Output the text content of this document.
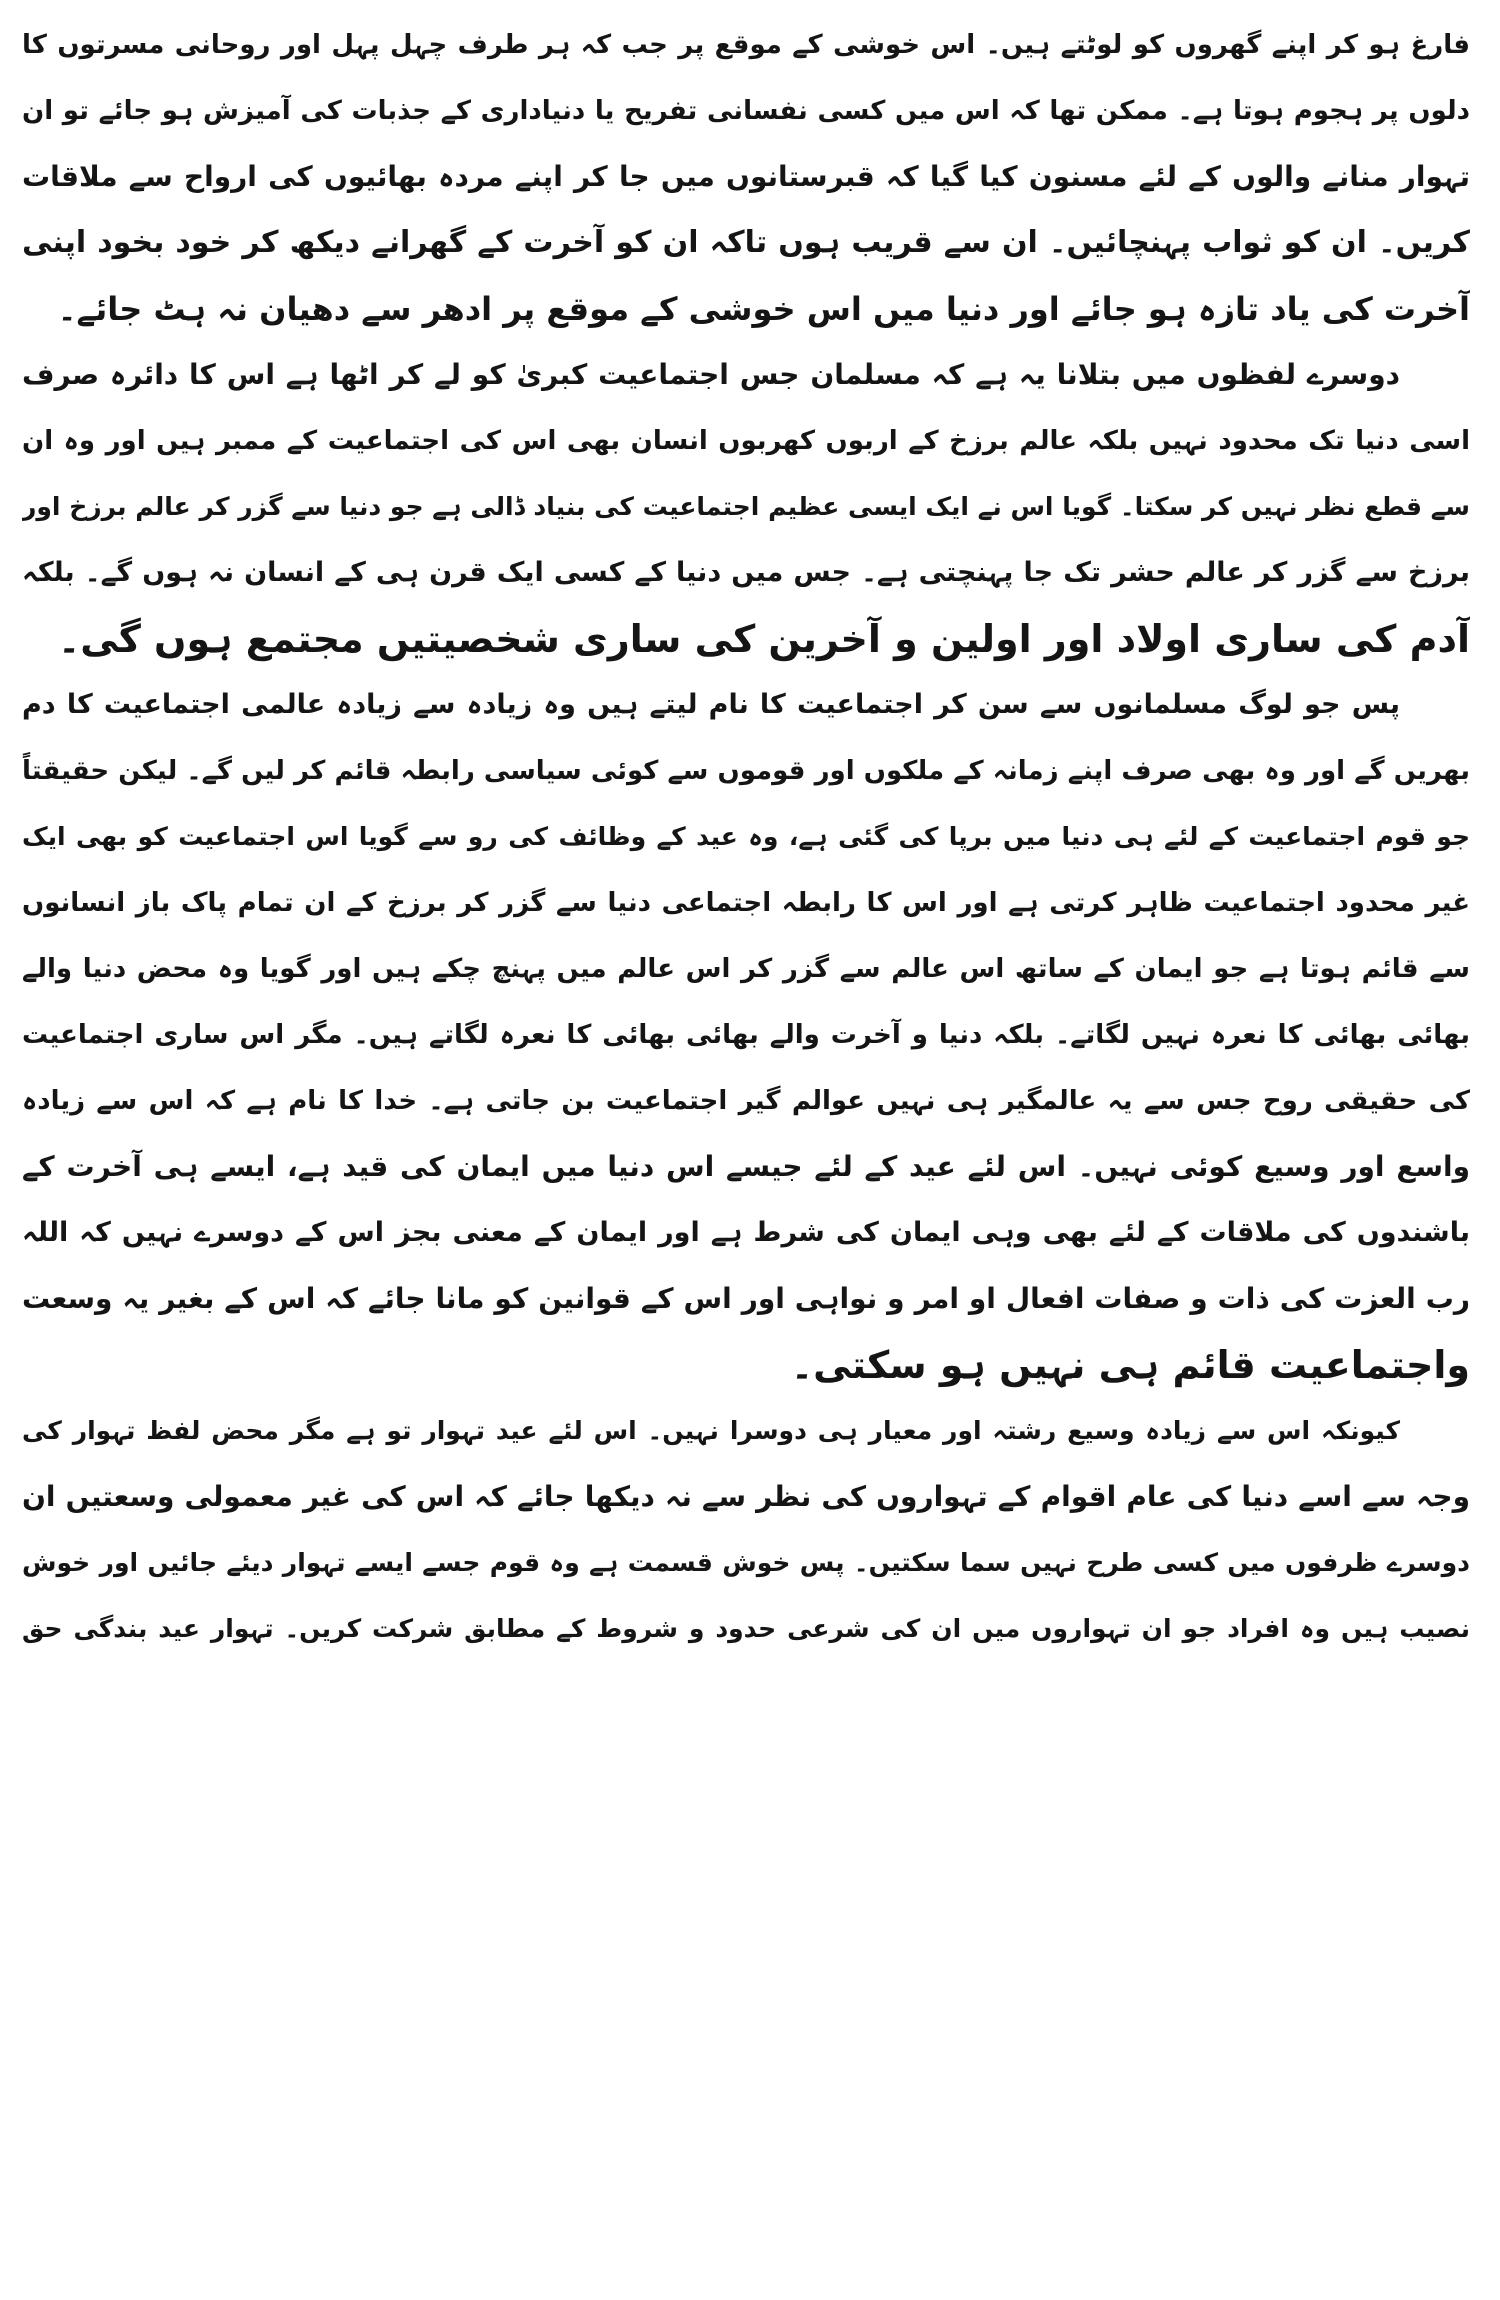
فارغ ہو کر اپنے گھروں کو لوٹتے ہیں۔ اس خوشی کے موقع پر جب کہ ہر طرف چہل پہل اور روحانی مسرتوں کا
دلوں پر ہجوم ہوتا ہے۔ ممکن تھا کہ اس میں کسی نفسانی تفریح یا دنیاداری کے جذبات کی آمیزش ہو جائے تو ان
تہوار منانے والوں کے لئے مسنون کیا گیا کہ قبرستانوں میں جا کر اپنے مردہ بھائیوں کی ارواح سے ملاقات
کریں۔ ان کو ثواب پہنچائیں۔ ان سے قریب ہوں تاکہ ان کو آخرت کے گھرانے دیکھ کر خود بخود اپنی
آخرت کی یاد تازہ ہو جائے اور دنیا میں اس خوشی کے موقع پر ادھر سے دھیان نہ ہٹ جائے۔
دوسرے لفظوں میں بتلانا یہ ہے کہ مسلمان جس اجتماعیت کبریٰ کو لے کر اٹھا ہے اس کا دائرہ صرف
اسی دنیا تک محدود نہیں بلکہ عالم برزخ کے اربوں کھربوں انسان بھی اس کی اجتماعیت کے ممبر ہیں اور وہ ان
سے قطع نظر نہیں کر سکتا۔ گویا اس نے ایک ایسی عظیم اجتماعیت کی بنیاد ڈالی ہے جو دنیا سے گزر کر عالم برزخ اور
برزخ سے گزر کر عالم حشر تک جا پہنچتی ہے۔ جس میں دنیا کے کسی ایک قرن ہی کے انسان نہ ہوں گے۔ بلکہ
آدم کی ساری اولاد اور اولین و آخرین کی ساری شخصیتیں مجتمع ہوں گی۔
پس جو لوگ مسلمانوں سے سن کر اجتماعیت کا نام لیتے ہیں وہ زیادہ سے زیادہ عالمی اجتماعیت کا دم
بھریں گے اور وہ بھی صرف اپنے زمانہ کے ملکوں اور قوموں سے کوئی سیاسی رابطہ قائم کر لیں گے۔ لیکن حقیقتاً
جو قوم اجتماعیت کے لئے ہی دنیا میں برپا کی گئی ہے، وہ عید کے وظائف کی رو سے گویا اس اجتماعیت کو بھی ایک
غیر محدود اجتماعیت ظاہر کرتی ہے اور اس کا رابطہ اجتماعی دنیا سے گزر کر برزخ کے ان تمام پاک باز انسانوں
سے قائم ہوتا ہے جو ایمان کے ساتھ اس عالم سے گزر کر اس عالم میں پہنچ چکے ہیں اور گویا وہ محض دنیا والے
بھائی بھائی کا نعرہ نہیں لگاتے۔ بلکہ دنیا و آخرت والے بھائی بھائی کا نعرہ لگاتے ہیں۔ مگر اس ساری اجتماعیت
کی حقیقی روح جس سے یہ عالمگیر ہی نہیں عوالم گیر اجتماعیت بن جاتی ہے۔ خدا کا نام ہے کہ اس سے زیادہ
واسع اور وسیع کوئی نہیں۔ اس لئے عید کے لئے جیسے اس دنیا میں ایمان کی قید ہے، ایسے ہی آخرت کے
باشندوں کی ملاقات کے لئے بھی وہی ایمان کی شرط ہے اور ایمان کے معنی بجز اس کے دوسرے نہیں کہ اللہ
رب العزت کی ذات و صفات افعال او امر و نواہی اور اس کے قوانین کو مانا جائے کہ اس کے بغیر یہ وسعت
واجتماعیت قائم ہی نہیں ہو سکتی۔
کیونکہ اس سے زیادہ وسیع رشتہ اور معیار ہی دوسرا نہیں۔ اس لئے عید تہوار تو ہے مگر محض لفظ تہوار کی
وجہ سے اسے دنیا کی عام اقوام کے تہواروں کی نظر سے نہ دیکھا جائے کہ اس کی غیر معمولی وسعتیں ان
دوسرے ظرفوں میں کسی طرح نہیں سما سکتیں۔ پس خوش قسمت ہے وہ قوم جسے ایسے تہوار دیئے جائیں اور خوش
نصیب ہیں وہ افراد جو ان تہواروں میں ان کی شرعی حدود و شروط کے مطابق شرکت کریں۔ تہوار عید بندگی حق
